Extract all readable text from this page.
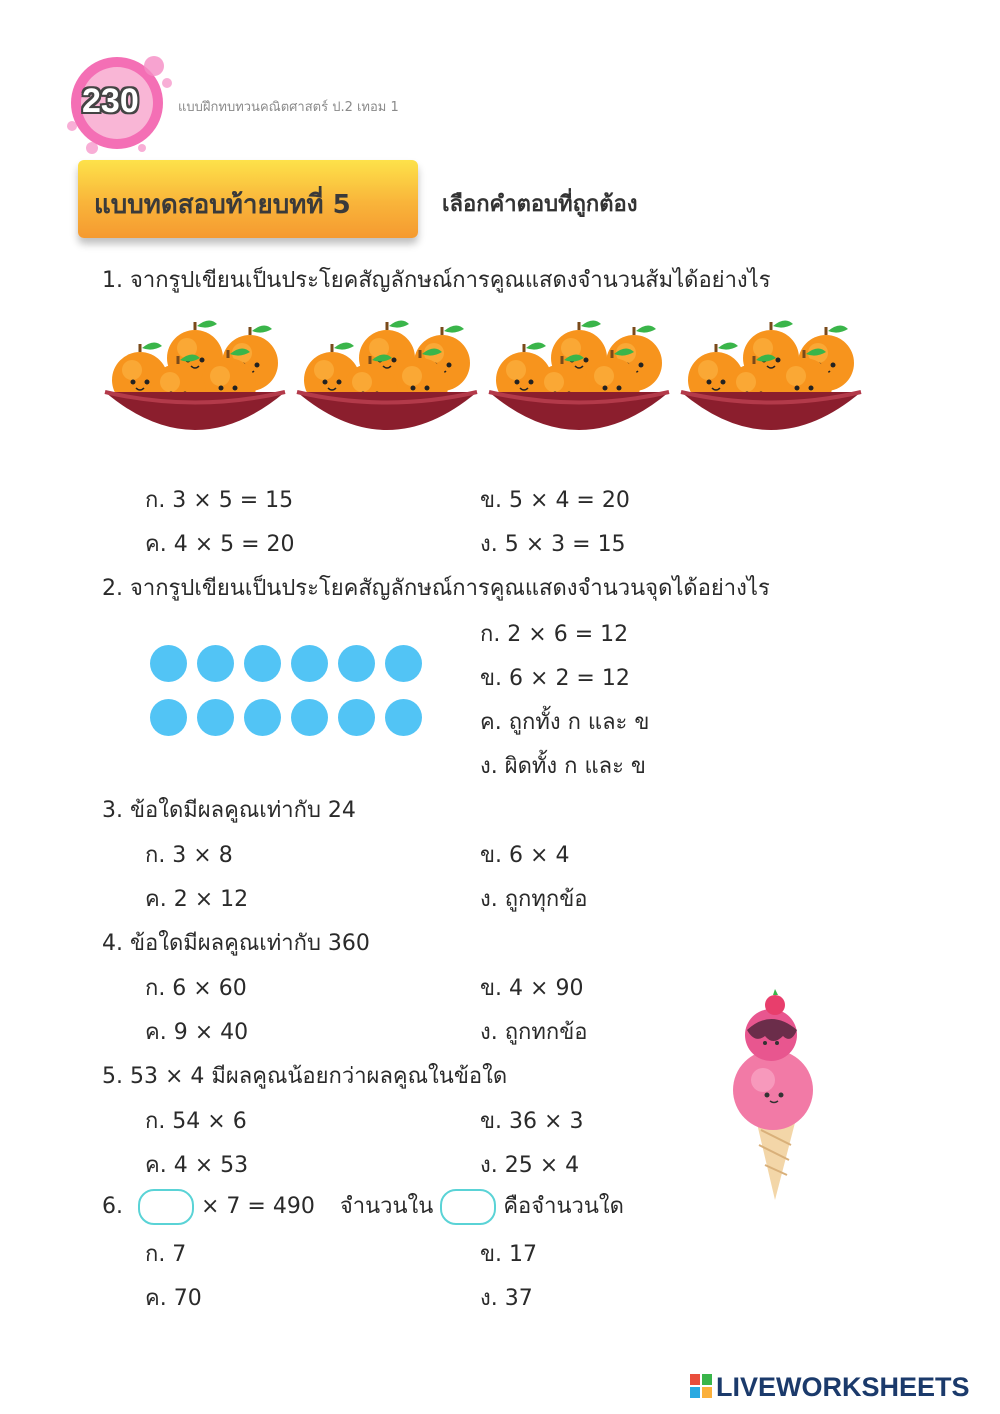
230	แบบฝึกทบทวนคณิตศาสตร์ ป.2 เทอม 1
แบบทดสอบท้ายบทที่ 5	เลือกคำตอบที่ถูกต้อง
1. จากรูปเขียนเป็นประโยคสัญลักษณ์การคูณแสดงจำนวนส้มได้อย่างไร
ก. 3 × 5 = 15	ข. 5 × 4 = 20
ค. 4 × 5 = 20	ง. 5 × 3 = 15
2. จากรูปเขียนเป็นประโยคสัญลักษณ์การคูณแสดงจำนวนจุดได้อย่างไร
ก. 2 × 6 = 12
ข. 6 × 2 = 12
ค. ถูกทั้ง ก และ ข
ง. ผิดทั้ง ก และ ข
3. ข้อใดมีผลคูณเท่ากับ 24
ก. 3 × 8	ข. 6 × 4
ค. 2 × 12	ง. ถูกทุกข้อ
4. ข้อใดมีผลคูณเท่ากับ 360
ก. 6 × 60	ข. 4 × 90
ค. 9 × 40	ง. ถูกทกข้อ
5. 53 × 4 มีผลคูณน้อยกว่าผลคูณในข้อใด
ก. 54 × 6	ข. 36 × 3
ค. 4 × 53	ง. 25 × 4
6.	× 7 = 490 จำนวนใน	คือจำนวนใด
ก. 7	ข. 17
ค. 70	ง. 37
LIVEWORKSHEETS
